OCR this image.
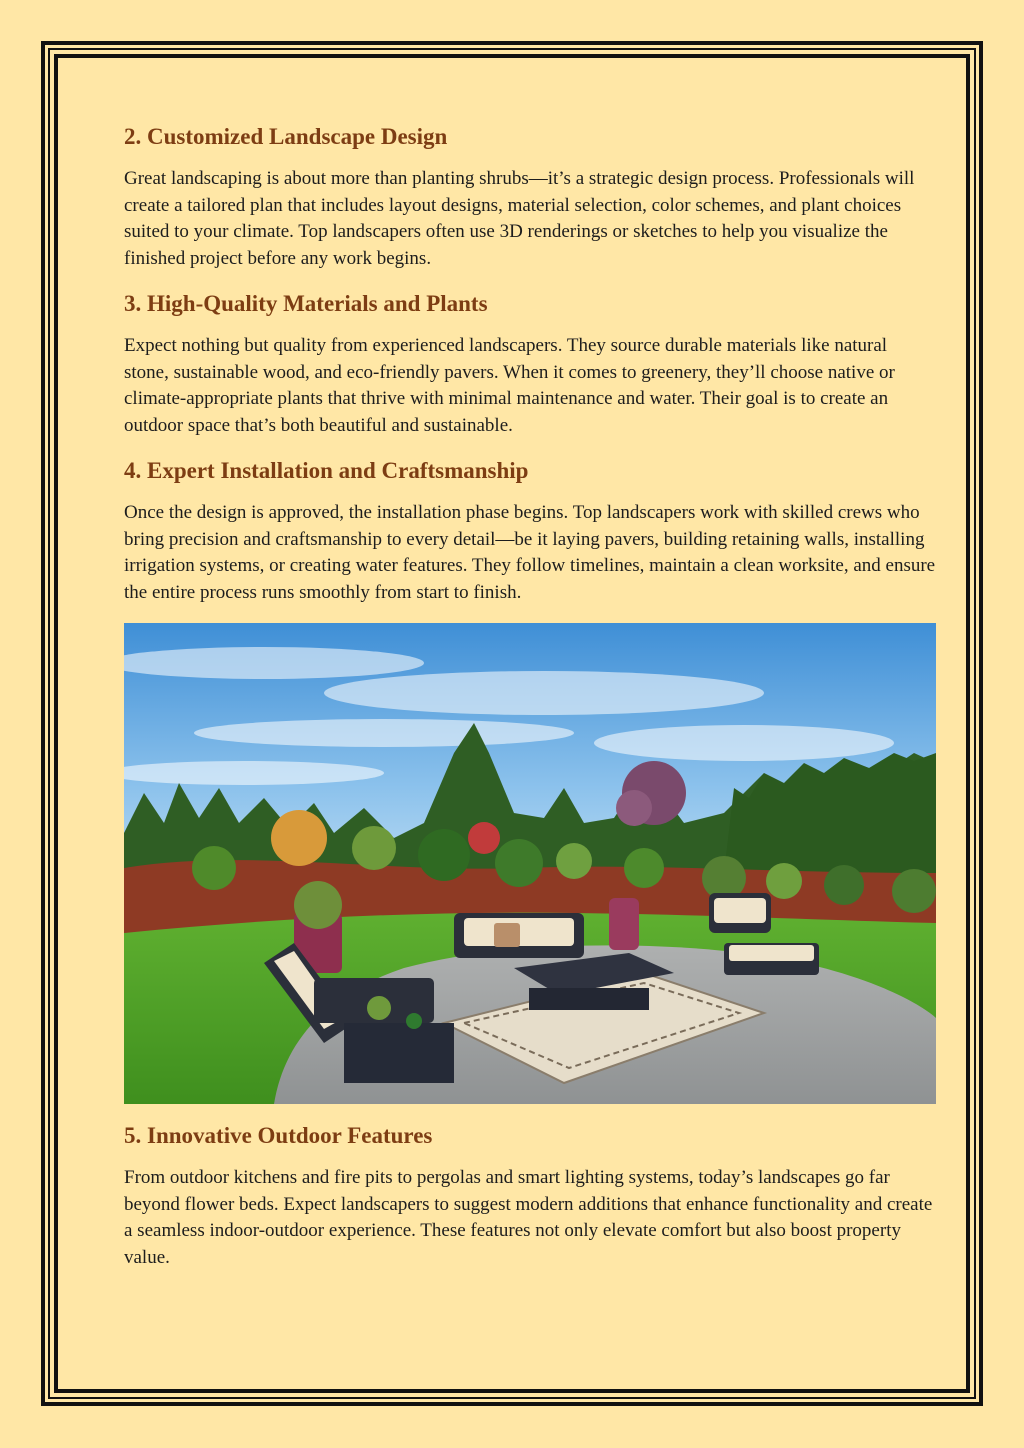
2. Customized Landscape Design

Great landscaping is about more than planting shrubs—it’s a strategic design process. Professionals will create a tailored plan that includes layout designs, material selection, color schemes, and plant choices suited to your climate. Top landscapers often use 3D renderings or sketches to help you visualize the finished project before any work begins.

3. High-Quality Materials and Plants

Expect nothing but quality from experienced landscapers. They source durable materials like natural stone, sustainable wood, and eco-friendly pavers. When it comes to greenery, they’ll choose native or climate-appropriate plants that thrive with minimal maintenance and water. Their goal is to create an outdoor space that’s both beautiful and sustainable.

4. Expert Installation and Craftsmanship

Once the design is approved, the installation phase begins. Top landscapers work with skilled crews who bring precision and craftsmanship to every detail—be it laying pavers, building retaining walls, installing irrigation systems, or creating water features. They follow timelines, maintain a clean worksite, and ensure the entire process runs smoothly from start to finish.

5. Innovative Outdoor Features

From outdoor kitchens and fire pits to pergolas and smart lighting systems, today’s landscapes go far beyond flower beds. Expect landscapers to suggest modern additions that enhance functionality and create a seamless indoor-outdoor experience. These features not only elevate comfort but also boost property value.
